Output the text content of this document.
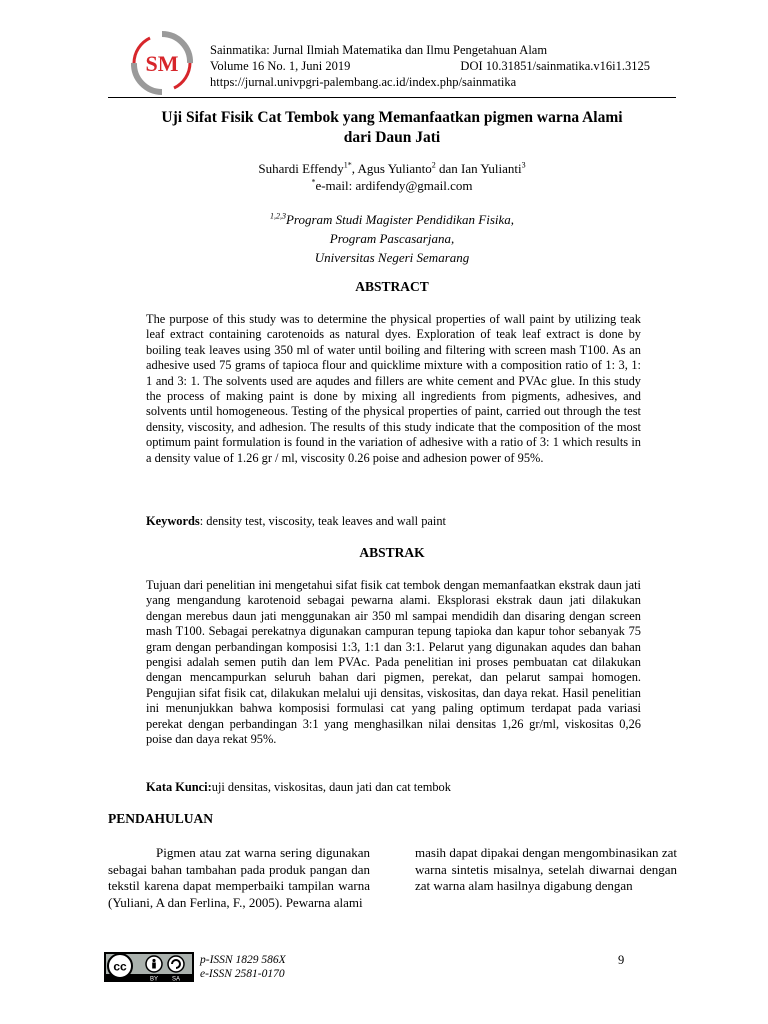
SM
Sainmatika: Jurnal Ilmiah Matematika dan Ilmu Pengetahuan Alam
Volume 16 No. 1, Juni 2019	DOI 10.31851/sainmatika.v16i1.3125
https://jurnal.univpgri-palembang.ac.id/index.php/sainmatika
Uji Sifat Fisik Cat Tembok yang Memanfaatkan pigmen warna Alami
dari Daun Jati
Suhardi Effendy$^{1*}$, Agus Yulianto$^2$ dan Ian Yulianti$^3$
*e-mail: ardifendy@gmail.com
$^{1,2,3}$Program Studi Magister Pendidikan Fisika,
Program Pascasarjana,
Universitas Negeri Semarang
ABSTRACT
The purpose of this study was to determine the physical properties of wall paint by utilizing teak leaf extract containing carotenoids as natural dyes. Exploration of teak leaf extract is done by boiling teak leaves using 350 ml of water until boiling and filtering with screen mash T100. As an adhesive used 75 grams of tapioca flour and quicklime mixture with a composition ratio of 1: 3, 1: 1 and 3: 1. The solvents used are aqudes and fillers are white cement and PVAc glue. In this study the process of making paint is done by mixing all ingredients from pigments, adhesives, and solvents until homogeneous. Testing of the physical properties of paint, carried out through the test density, viscosity, and adhesion. The results of this study indicate that the composition of the most optimum paint formulation is found in the variation of adhesive with a ratio of 3: 1 which results in a density value of 1.26 gr / ml, viscosity 0.26 poise and adhesion power of 95%.
Keywords: density test, viscosity, teak leaves and wall paint
ABSTRAK
Tujuan dari penelitian ini mengetahui sifat fisik cat tembok dengan memanfaatkan ekstrak daun jati yang mengandung karotenoid sebagai pewarna alami. Eksplorasi ekstrak daun jati dilakukan dengan merebus daun jati menggunakan air 350 ml sampai mendidih dan disaring dengan screen mash T100. Sebagai perekatnya digunakan campuran tepung tapioka dan kapur tohor sebanyak 75 gram dengan perbandingan komposisi 1:3, 1:1 dan 3:1. Pelarut yang digunakan aqudes dan bahan pengisi adalah semen putih dan lem PVAc. Pada penelitian ini proses pembuatan cat dilakukan dengan mencampurkan seluruh bahan dari pigmen, perekat, dan pelarut sampai homogen. Pengujian sifat fisik cat, dilakukan melalui uji densitas, viskositas, dan daya rekat. Hasil penelitian ini menunjukkan bahwa komposisi formulasi cat yang paling optimum terdapat pada variasi perekat dengan perbandingan 3:1 yang menghasilkan nilai densitas 1,26 gr/ml, viskositas 0,26 poise dan daya rekat 95%.
Kata Kunci:uji densitas, viskositas, daun jati dan cat tembok
PENDAHULUAN
Pigmen atau zat warna sering digunakan sebagai bahan tambahan pada produk pangan dan tekstil karena dapat memperbaiki tampilan warna (Yuliani, A dan Ferlina, F., 2005). Pewarna alami
masih dapat dipakai dengan mengombinasikan zat warna sintetis misalnya, setelah diwarnai dengan zat warna alam hasilnya digabung dengan
cc
BY SA
p-ISSN 1829 586X
e-ISSN 2581-0170
9
